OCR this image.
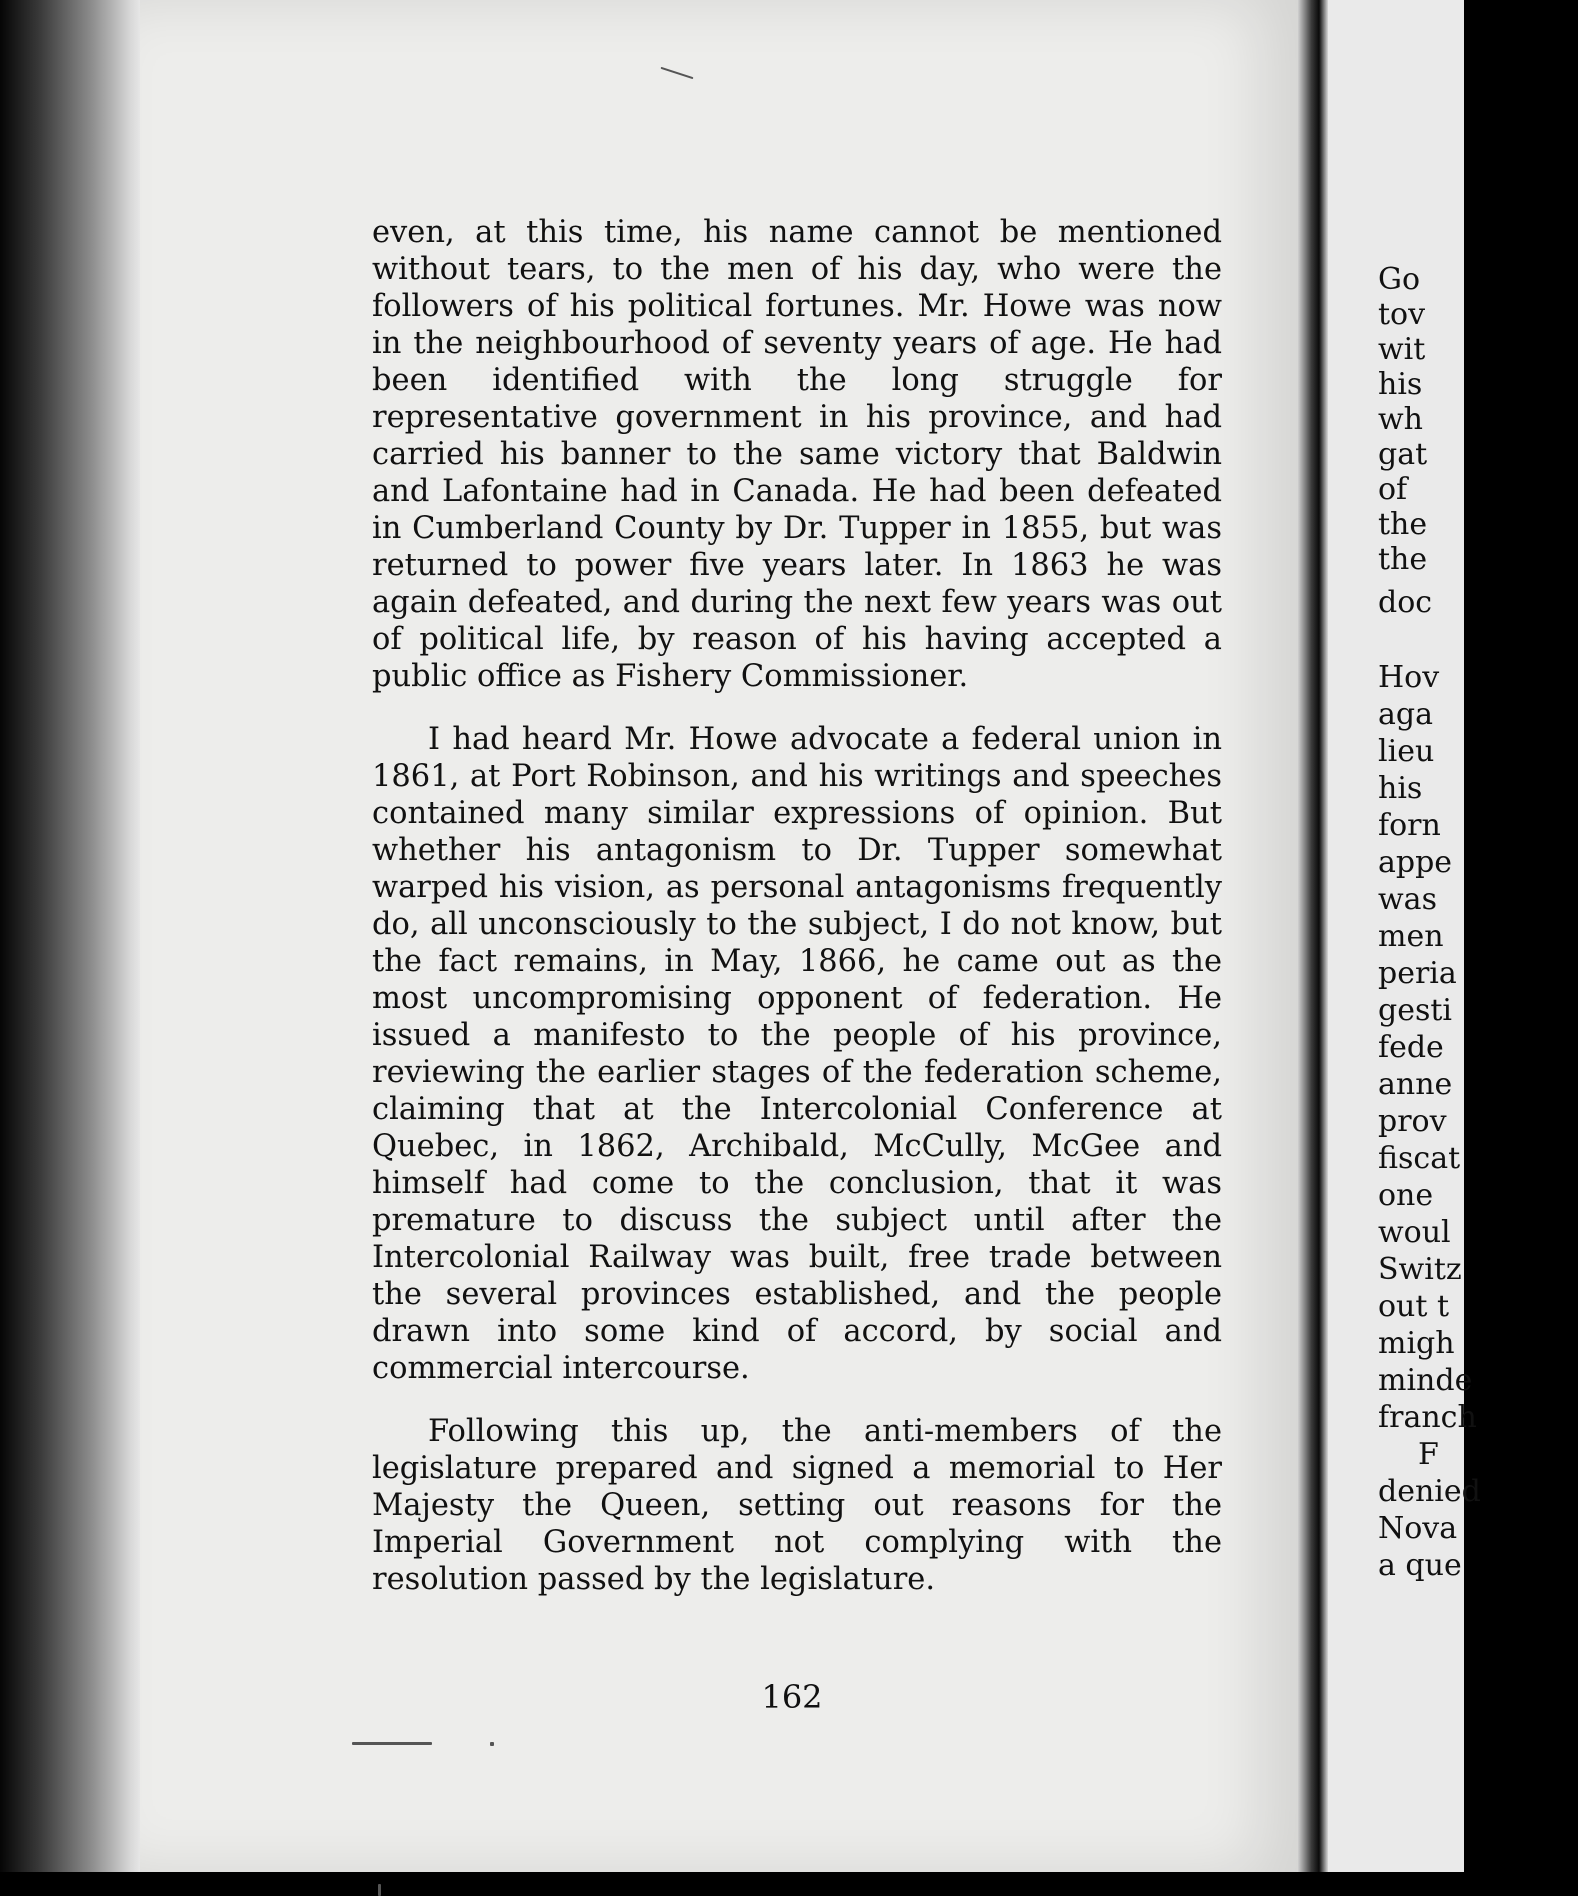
even, at this time, his name cannot be mentioned without tears, to the men of his day, who were the followers of his political fortunes. Mr. Howe was now in the neighbourhood of seventy years of age. He had been identified with the long struggle for representative government in his province, and had carried his banner to the same victory that Baldwin and Lafontaine had in Canada. He had been defeated in Cumberland County by Dr. Tupper in 1855, but was returned to power five years later. In 1863 he was again defeated, and during the next few years was out of political life, by reason of his having accepted a public office as Fishery Commissioner.

I had heard Mr. Howe advocate a federal union in 1861, at Port Robinson, and his writings and speeches contained many similar expressions of opinion. But whether his antagonism to Dr. Tupper somewhat warped his vision, as personal antagonisms frequently do, all unconsciously to the subject, I do not know, but the fact remains, in May, 1866, he came out as the most uncompromising opponent of federation. He issued a manifesto to the people of his province, reviewing the earlier stages of the federation scheme, claiming that at the Intercolonial Conference at Quebec, in 1862, Archibald, McCully, McGee and himself had come to the conclusion, that it was premature to discuss the subject until after the Intercolonial Railway was built, free trade between the several provinces established, and the people drawn into some kind of accord, by social and commercial intercourse.

Following this up, the anti-members of the legislature prepared and signed a memorial to Her Majesty the Queen, setting out reasons for the Imperial Government not complying with the resolution passed by the legislature.

162
Go
tov
wit
his
wh
gat
of
the
the
doc
Hov
aga
lieu
his
forn
appe
was
men
peria
gesti
fede
anne
prov
fiscat
one
woul
Switz
out t
migh
minde
franch
F
denied
Nova
a que
